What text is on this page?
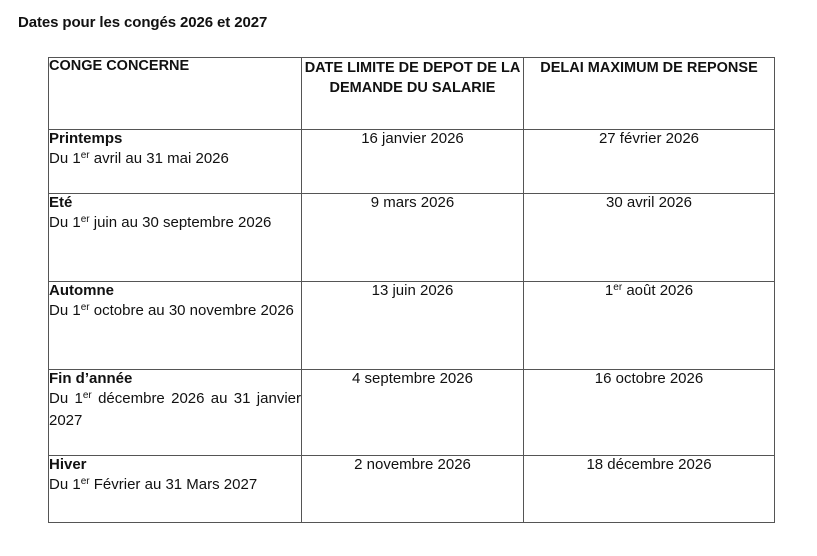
Dates pour les congés 2026 et 2027
CONGE CONCERNE	DATE LIMITE DE DEPOT DE LA DEMANDE DU SALARIE	DELAI MAXIMUM DE REPONSE

Printemps
Du 1er avril au 31 mai 2026	16 janvier 2026	27 février 2026

Eté
Du 1er juin au 30 septembre 2026	9 mars 2026	30 avril 2026

Automne
Du 1er octobre au 30 novembre 2026	13 juin 2026	1er août 2026

Fin d’année
Du 1er décembre 2026 au 31 janvier 2027	4 septembre 2026	16 octobre 2026

Hiver
Du 1er Février au 31 Mars 2027	2 novembre 2026	18 décembre 2026
